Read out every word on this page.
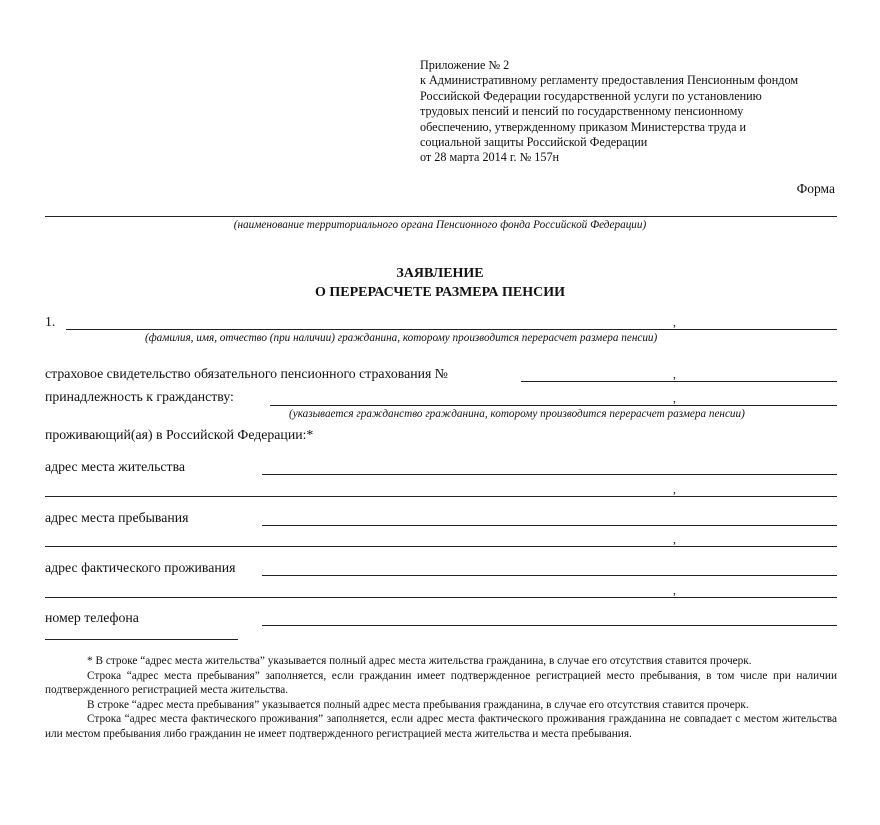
Приложение № 2
к Административному регламенту предоставления Пенсионным фондом
Российской Федерации государственной услуги по установлению
трудовых пенсий и пенсий по государственному пенсионному
обеспечению, утвержденному приказом Министерства труда и
социальной защиты Российской Федерации
от 28 марта 2014 г. № 157н
Форма
(наименование территориального органа Пенсионного фонда Российской Федерации)
ЗАЯВЛЕНИЕ
О ПЕРЕРАСЧЕТЕ РАЗМЕРА ПЕНСИИ
1.	,
(фамилия, имя, отчество (при наличии) гражданина, которому производится перерасчет размера пенсии)
страховое свидетельство обязательного пенсионного страхования №	,
принадлежность к гражданству:	,
(указывается гражданство гражданина, которому производится перерасчет размера пенсии)
проживающий(ая) в Российской Федерации:*
адрес места жительства
,
адрес места пребывания
,
адрес фактического проживания
,
номер телефона

* В строке “адрес места жительства” указывается полный адрес места жительства гражданина, в случае его отсутствия ставится прочерк.

Строка “адрес места пребывания” заполняется, если гражданин имеет подтвержденное регистрацией место пребывания, в том числе при наличии подтвержденного регистрацией места жительства.

В строке “адрес места пребывания” указывается полный адрес места пребывания гражданина, в случае его отсутствия ставится прочерк.

Строка “адрес места фактического проживания” заполняется, если адрес места фактического проживания гражданина не совпадает с местом жительства или местом пребывания либо гражданин не имеет подтвержденного регистрацией места жительства и места пребывания.
